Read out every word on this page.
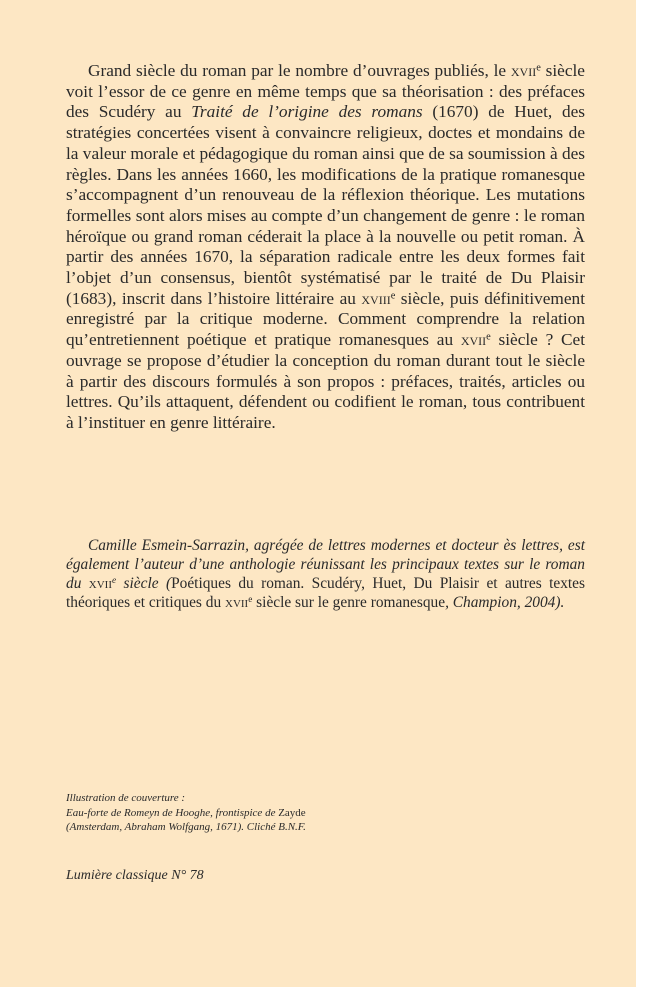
Grand siècle du roman par le nombre d’ouvrages publiés, le xvii$^e$ siècle voit l’essor de ce genre en même temps que sa théorisation : des préfaces des Scudéry au Traité de l’origine des romans (1670) de Huet, des stratégies concertées visent à convaincre religieux, doctes et mondains de la valeur morale et pédagogique du roman ainsi que de sa soumission à des règles. Dans les années 1660, les modifications de la pratique romanesque s’accompagnent d’un renouveau de la réflexion théorique. Les mutations formelles sont alors mises au compte d’un changement de genre : le roman héroïque ou grand roman céderait la place à la nouvelle ou petit roman. À partir des années 1670, la séparation radicale entre les deux formes fait l’objet d’un consensus, bientôt systématisé par le traité de Du Plaisir (1683), inscrit dans l’histoire littéraire au xviii$^e$ siècle, puis définitivement enregistré par la critique moderne. Comment comprendre la relation qu’entretiennent poétique et pratique romanesques au xvii$^e$ siècle ? Cet ouvrage se propose d’étudier la conception du roman durant tout le siècle à partir des discours formulés à son propos : préfaces, traités, articles ou lettres. Qu’ils attaquent, défendent ou codifient le roman, tous contribuent à l’instituer en genre littéraire.

Camille Esmein-Sarrazin, agrégée de lettres modernes et docteur ès lettres, est également l’auteur d’une anthologie réunissant les principaux textes sur le roman du xvii$^e$ siècle (Poétiques du roman. Scudéry, Huet, Du Plaisir et autres textes théoriques et critiques du xvii$^e$ siècle sur le genre romanesque, Champion, 2004).

Illustration de couverture :
Eau-forte de Romeyn de Hooghe, frontispice de Zayde
(Amsterdam, Abraham Wolfgang, 1671). Cliché B.N.F.
Lumière classique N° 78
